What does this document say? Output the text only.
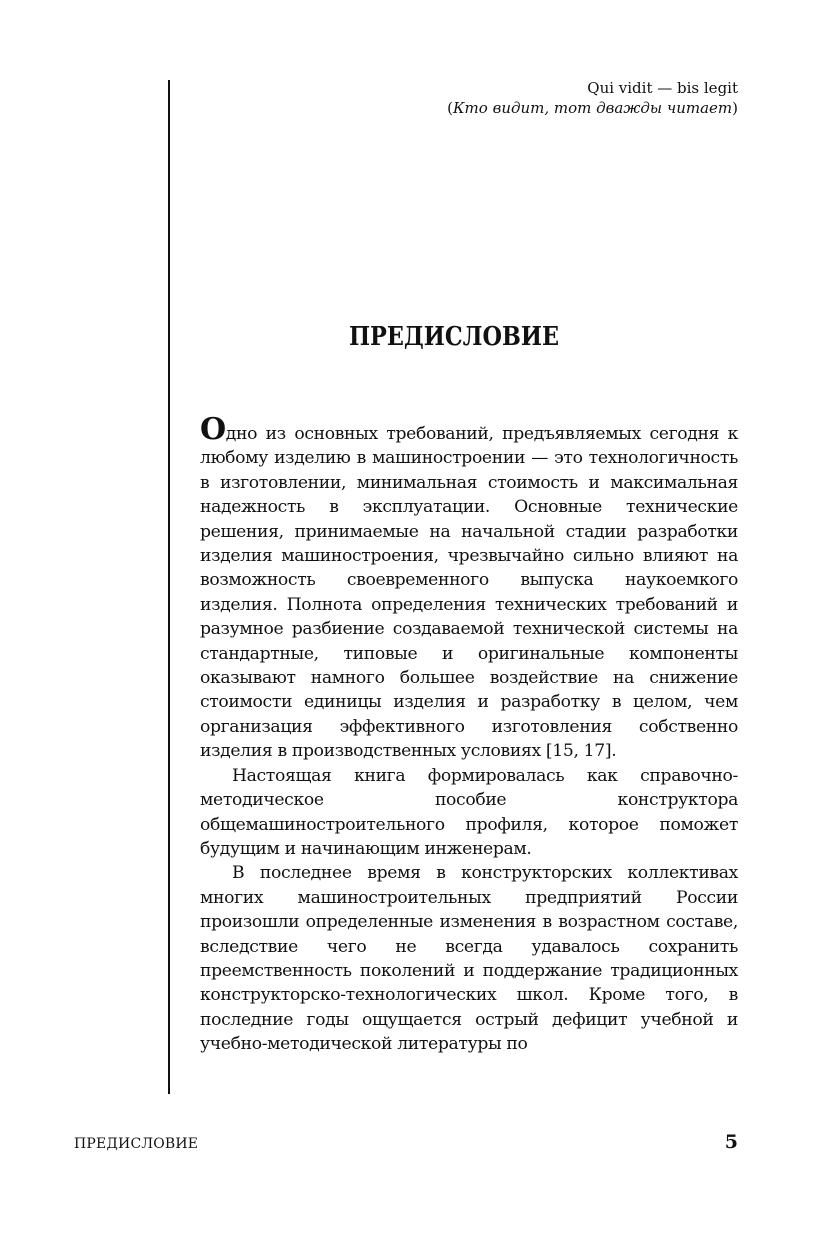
Qui vidit — bis legit
(Кто видит, тот дважды читает)
ПРЕДИСЛОВИЕ

Одно из основных требований, предъявляемых сегодня к любому изделию в машиностроении — это технологичность в изготовлении, минимальная стоимость и максимальная надежность в эксплуатации. Основные технические решения, принимаемые на начальной стадии разработки изделия машиностроения, чрезвычайно сильно влияют на возможность своевременного выпуска наукоемкого изделия. Полнота определения технических требований и разумное разбиение создаваемой технической системы на стандартные, типовые и оригинальные компоненты оказывают намного большее воздействие на снижение стоимости единицы изделия и разработку в целом, чем организация эффективного изготовления собственно изделия в производственных условиях [15, 17].

Настоящая книга формировалась как справочно-методическое пособие конструктора общемашиностроительного профиля, которое поможет будущим и начинающим инженерам.

В последнее время в конструкторских коллективах многих машиностроительных предприятий России произошли определенные изменения в возрастном составе, вследствие чего не всегда удавалось сохранить преемственность поколений и поддержание традиционных конструкторско-технологических школ. Кроме того, в последние годы ощущается острый дефицит учебной и учебно-методической литературы по

ПРЕДИСЛОВИЕ	5
